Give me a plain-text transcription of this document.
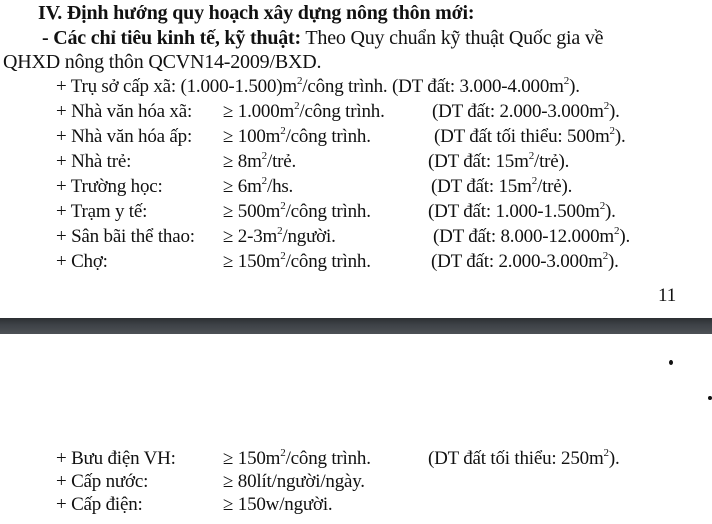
IV. Định hướng quy hoạch xây dựng nông thôn mới:
- Các chỉ tiêu kinh tế, kỹ thuật: Theo Quy chuẩn kỹ thuật Quốc gia về
QHXD nông thôn QCVN14-2009/BXD.
+ Trụ sở cấp xã: $(1.000-1.500)m^2$/công trình. (DT đất: $3.000-4.000m^2$).
+ Nhà văn hóa xã: ≥ $1.000m^2$/công trình. (DT đất: $2.000-3.000m^2$).
+ Nhà văn hóa ấp: ≥ $100m^2$/công trình.	(DT đất tối thiểu: $500m^2$).
+ Nhà trẻ:	≥ $8m^2$/trẻ.	(DT đất: $15m^2/trẻ$).
+ Trường học:	≥ $6m^2/hs$.	(DT đất: $15m^2/trẻ$).
+ Trạm y tế:	≥ $500m^2$/công trình.	(DT đất: $1.000-1.500m^2$).
+ Sân bãi thể thao: ≥ $2-3m^2$/người.	(DT đất: $8.000-12.000m^2$).
+ Chợ:	≥ $150m^2$/công trình.	(DT đất: $2.000-3.000m^2$).
11
+ Bưu điện VH: ≥ $150m^2$/công trình.	(DT đất tối thiểu: $250m^2$).
+ Cấp nước:	≥ 80lít/người/ngày.
+ Cấp điện:	≥ 150w/người.
